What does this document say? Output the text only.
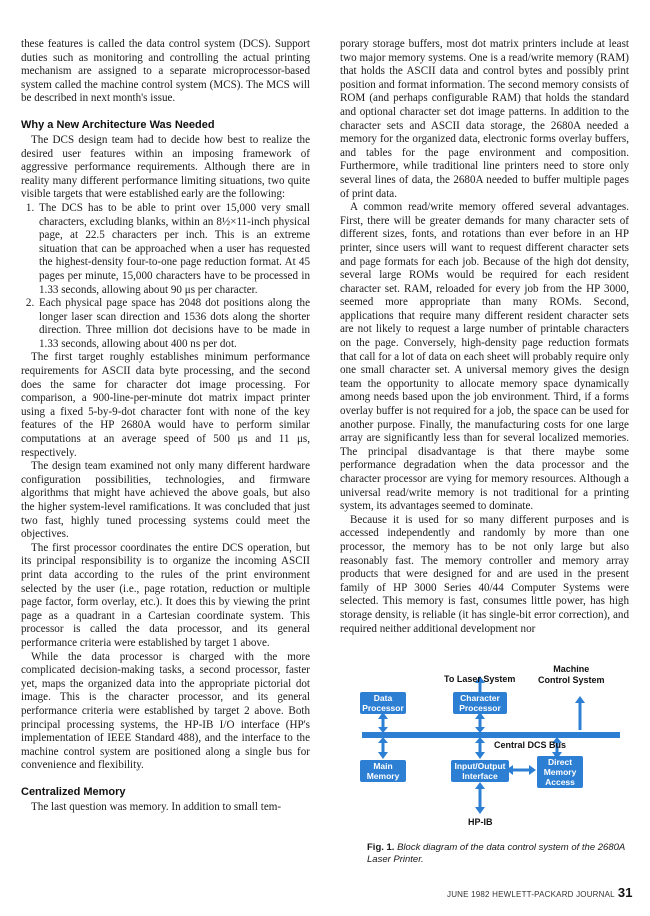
these features is called the data control system (DCS). Support duties such as monitoring and controlling the actual printing mechanism are assigned to a separate microprocessor-based system called the machine control system (MCS). The MCS will be described in next month's issue.

Why a New Architecture Was Needed

The DCS design team had to decide how best to realize the desired user features within an imposing framework of aggressive performance requirements. Although there are in reality many different performance limiting situations, two quite visible targets that were established early are the following:

1. The DCS has to be able to print over 15,000 very small characters, excluding blanks, within an 8½×11-inch physical page, at 22.5 characters per inch. This is an extreme situation that can be approached when a user has requested the highest-density four-to-one page reduction format. At 45 pages per minute, 15,000 characters have to be processed in 1.33 seconds, allowing about 90 μs per character.
2. Each physical page space has 2048 dot positions along the longer laser scan direction and 1536 dots along the shorter direction. Three million dot decisions have to be made in 1.33 seconds, allowing about 400 ns per dot.

The first target roughly establishes minimum performance requirements for ASCII data byte processing, and the second does the same for character dot image processing. For comparison, a 900-line-per-minute dot matrix impact printer using a fixed 5-by-9-dot character font with none of the key features of the HP 2680A would have to perform similar computations at an average speed of 500 μs and 11 μs, respectively.

The design team examined not only many different hardware configuration possibilities, technologies, and firmware algorithms that might have achieved the above goals, but also the higher system-level ramifications. It was concluded that just two fast, highly tuned processing systems could meet the objectives.

The first processor coordinates the entire DCS operation, but its principal responsibility is to organize the incoming ASCII print data according to the rules of the print environment selected by the user (i.e., page rotation, reduction or multiple page factor, form overlay, etc.). It does this by viewing the print page as a quadrant in a Cartesian coordinate system. This processor is called the data processor, and its general performance criteria were established by target 1 above.

While the data processor is charged with the more complicated decision-making tasks, a second processor, faster yet, maps the organized data into the appropriate pictorial dot image. This is the character processor, and its general performance criteria were established by target 2 above. Both principal processing systems, the HP-IB I/O interface (HP's implementation of IEEE Standard 488), and the interface to the machine control system are positioned along a single bus for convenience and flexibility.

Centralized Memory

The last question was memory. In addition to small tem-

porary storage buffers, most dot matrix printers include at least two major memory systems. One is a read/write memory (RAM) that holds the ASCII data and control bytes and possibly print position and format information. The second memory consists of ROM (and perhaps configurable RAM) that holds the standard and optional character set dot image patterns. In addition to the character sets and ASCII data storage, the 2680A needed a memory for the organized data, electronic forms overlay buffers, and tables for the page environment and composition. Furthermore, while traditional line printers need to store only several lines of data, the 2680A needed to buffer multiple pages of print data.

A common read/write memory offered several advantages. First, there will be greater demands for many character sets of different sizes, fonts, and rotations than ever before in an HP printer, since users will want to request different character sets and page formats for each job. Because of the high dot density, several large ROMs would be required for each resident character set. RAM, reloaded for every job from the HP 3000, seemed more appropriate than many ROMs. Second, applications that require many different resident character sets are not likely to request a large number of printable characters on the page. Conversely, high-density page reduction formats that call for a lot of data on each sheet will probably require only one small character set. A universal memory gives the design team the opportunity to allocate memory space dynamically among needs based upon the job environment. Third, if a forms overlay buffer is not required for a job, the space can be used for another purpose. Finally, the manufacturing costs for one large array are significantly less than for several localized memories. The principal disadvantage is that there maybe some performance degradation when the data processor and the character processor are vying for memory resources. Although a universal read/write memory is not traditional for a printing system, its advantages seemed to dominate.

Because it is used for so many different purposes and is accessed independently and randomly by more than one processor, the memory has to be not only large but also reasonably fast. The memory controller and memory array products that were designed for and are used in the present family of HP 3000 Series 40/44 Computer Systems were selected. This memory is fast, consumes little power, has high storage density, is reliable (it has single-bit error correction), and required neither additional development nor

To Laser System
Machine
Control System
Data
Processor
Character
Processor
Central DCS Bus
Main
Memory
Input/Output
Interface
Direct
Memory
Access
HP-IB
Fig. 1. Block diagram of the data control system of the 2680A Laser Printer.
JUNE 1982 HEWLETT-PACKARD JOURNAL 31
